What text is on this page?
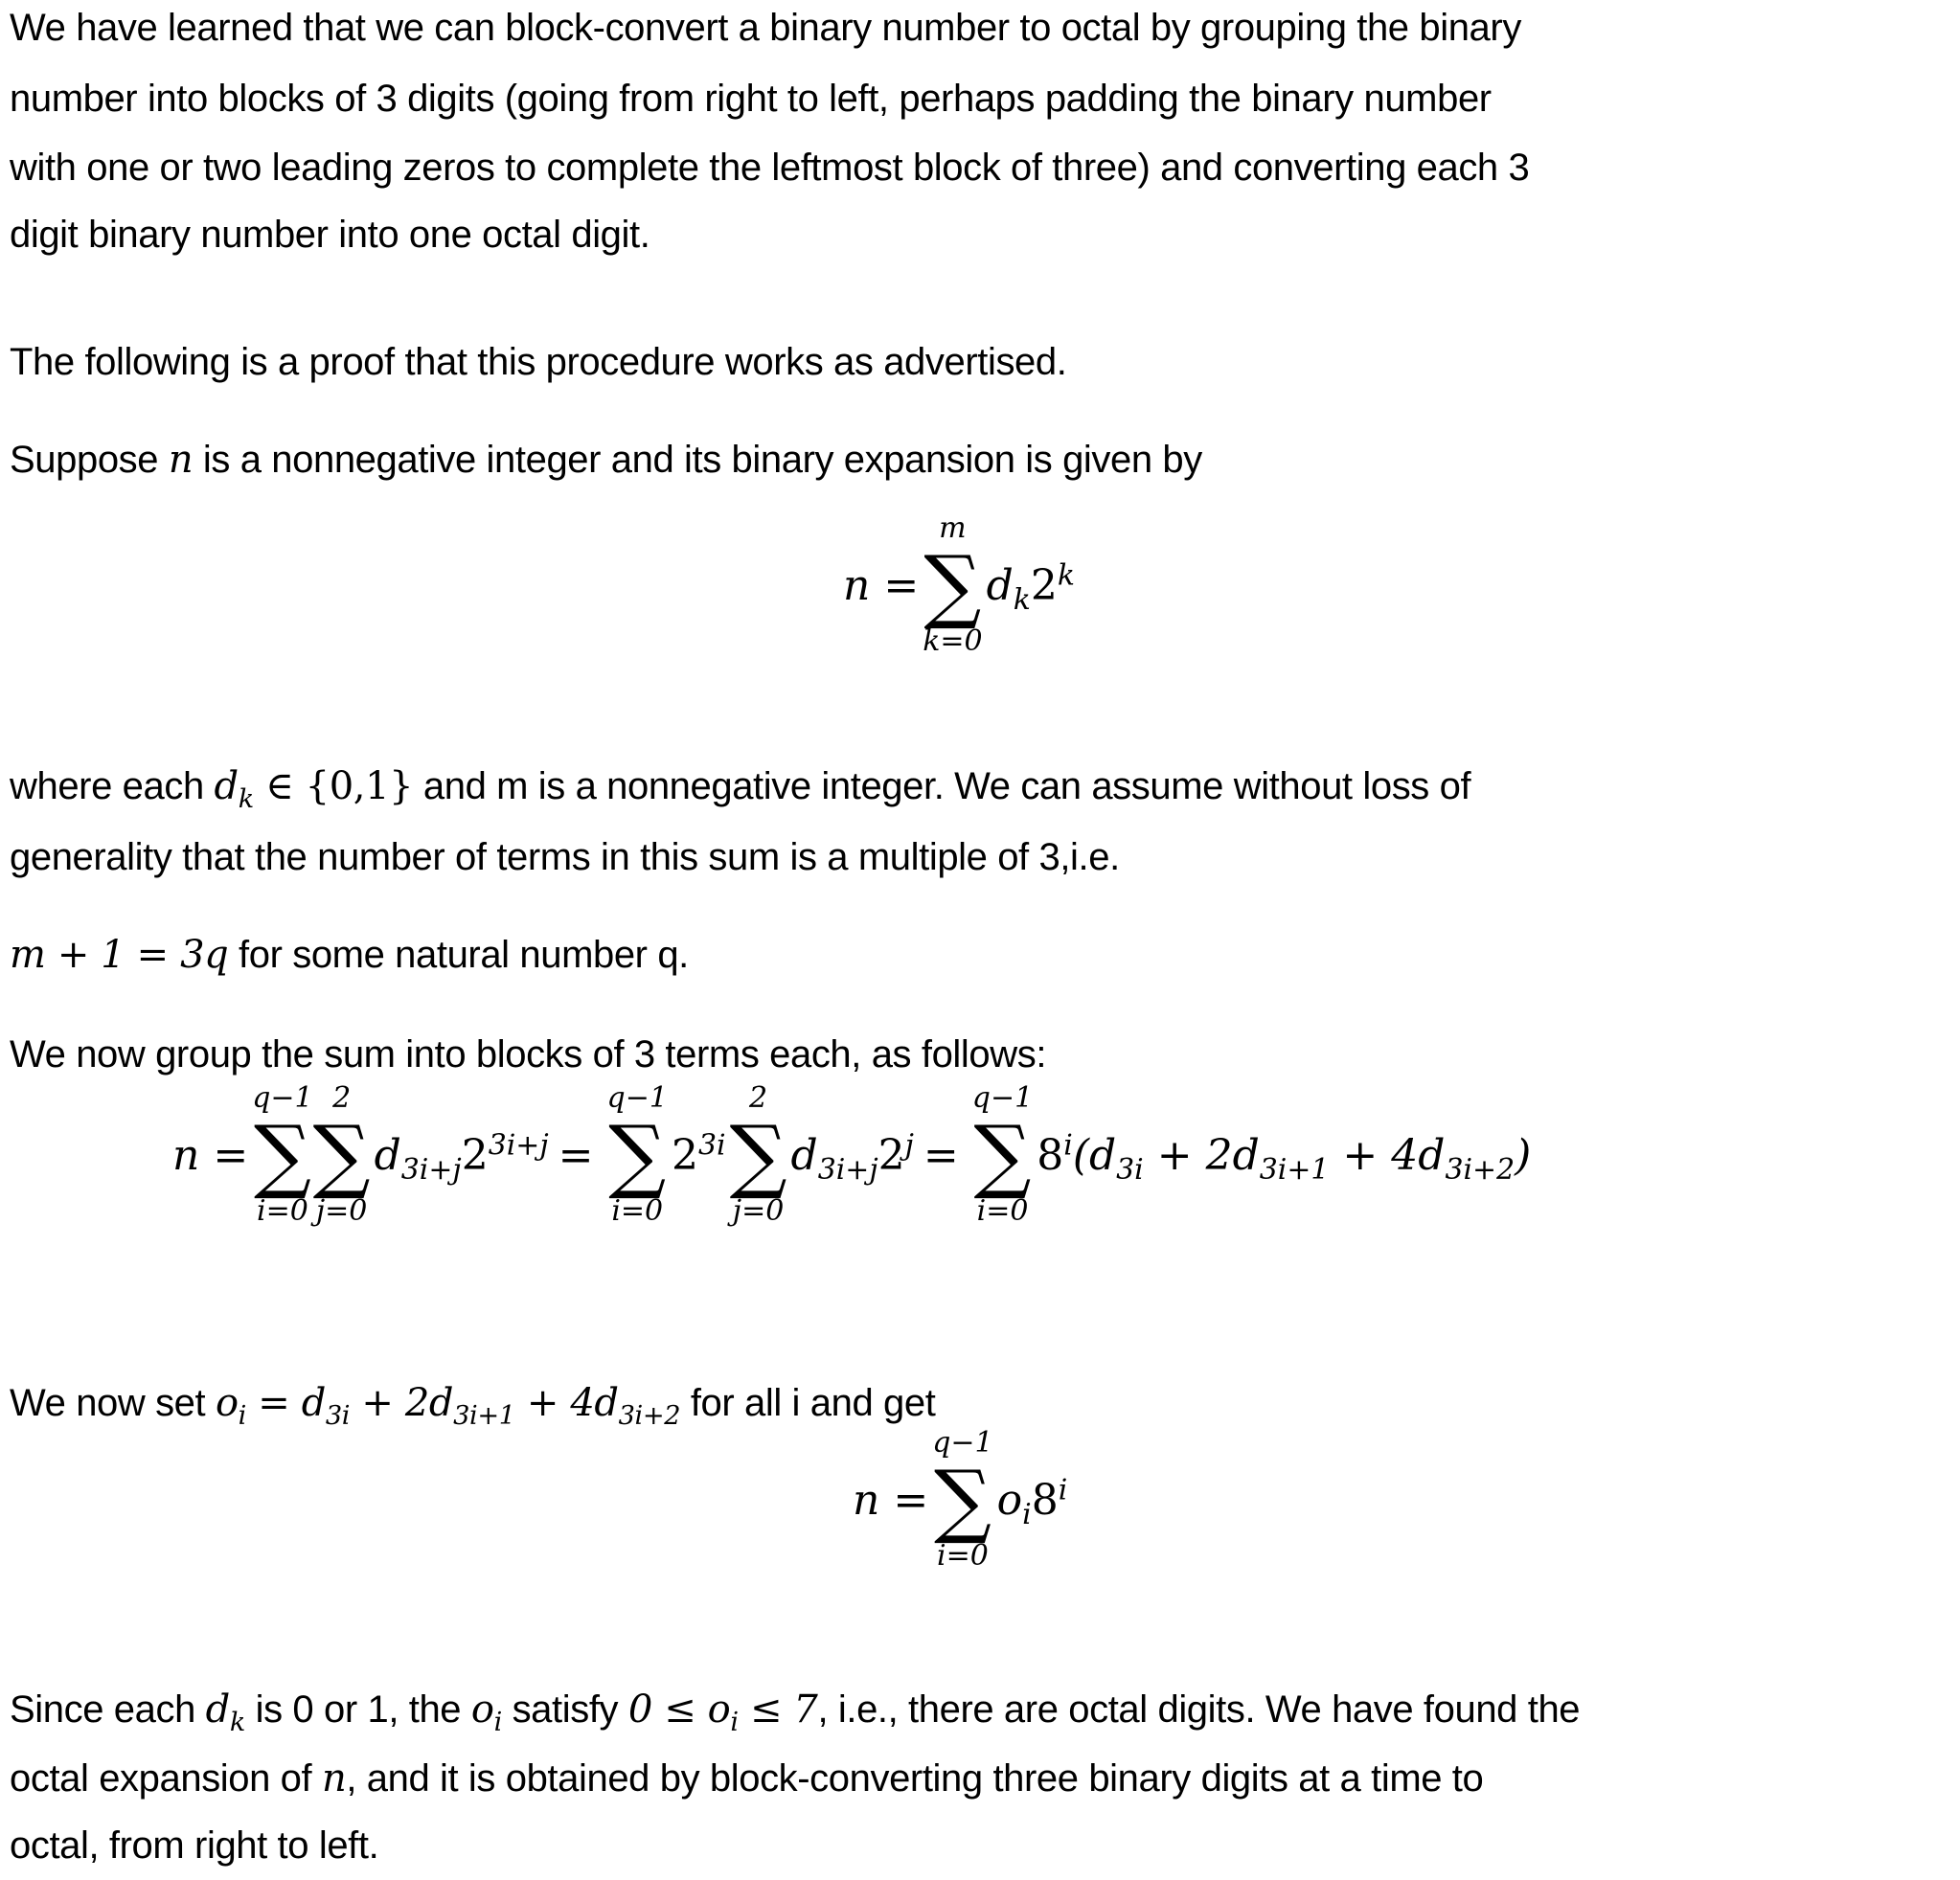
We have learned that we can block-convert a binary number to octal by grouping the binary
number into blocks of 3 digits (going from right to left, perhaps padding the binary number
with one or two leading zeros to complete the leftmost block of three) and converting each 3
digit binary number into one octal digit.
The following is a proof that this procedure works as advertised.
Suppose n is a nonnegative integer and its binary expansion is given by
n =
m
∑
k=0
$d_k2^k$
where each $d_k$ ∈ {0,1} and m is a nonnegative integer. We can assume without loss of
generality that the number of terms in this sum is a multiple of 3,i.e.
m + 1 = 3q for some natural number q.
We now group the sum into blocks of 3 terms each, as follows:
n =
q−1
∑
i=0
2
∑
j=0
$d_{3i+j}2^{3i+j}$ =
q−1
∑
i=0
$2^{3i}$
2
∑
j=0
$d_{3i+j}2^j$ =
q−1
∑
i=0
$8^i(d_{3i} + 2d_{3i+1} + 4d_{3i+2})$
We now set $o_i = d_{3i} + 2d_{3i+1} + 4d_{3i+2}$ for all i and get
n =
q−1
∑
i=0
$o_i8^i$
Since each $d_k$ is 0 or 1, the $o_i$ satisfy $0 \le o_i \le 7$, i.e., there are octal digits. We have found the
octal expansion of n, and it is obtained by block-converting three binary digits at a time to
octal, from right to left.
